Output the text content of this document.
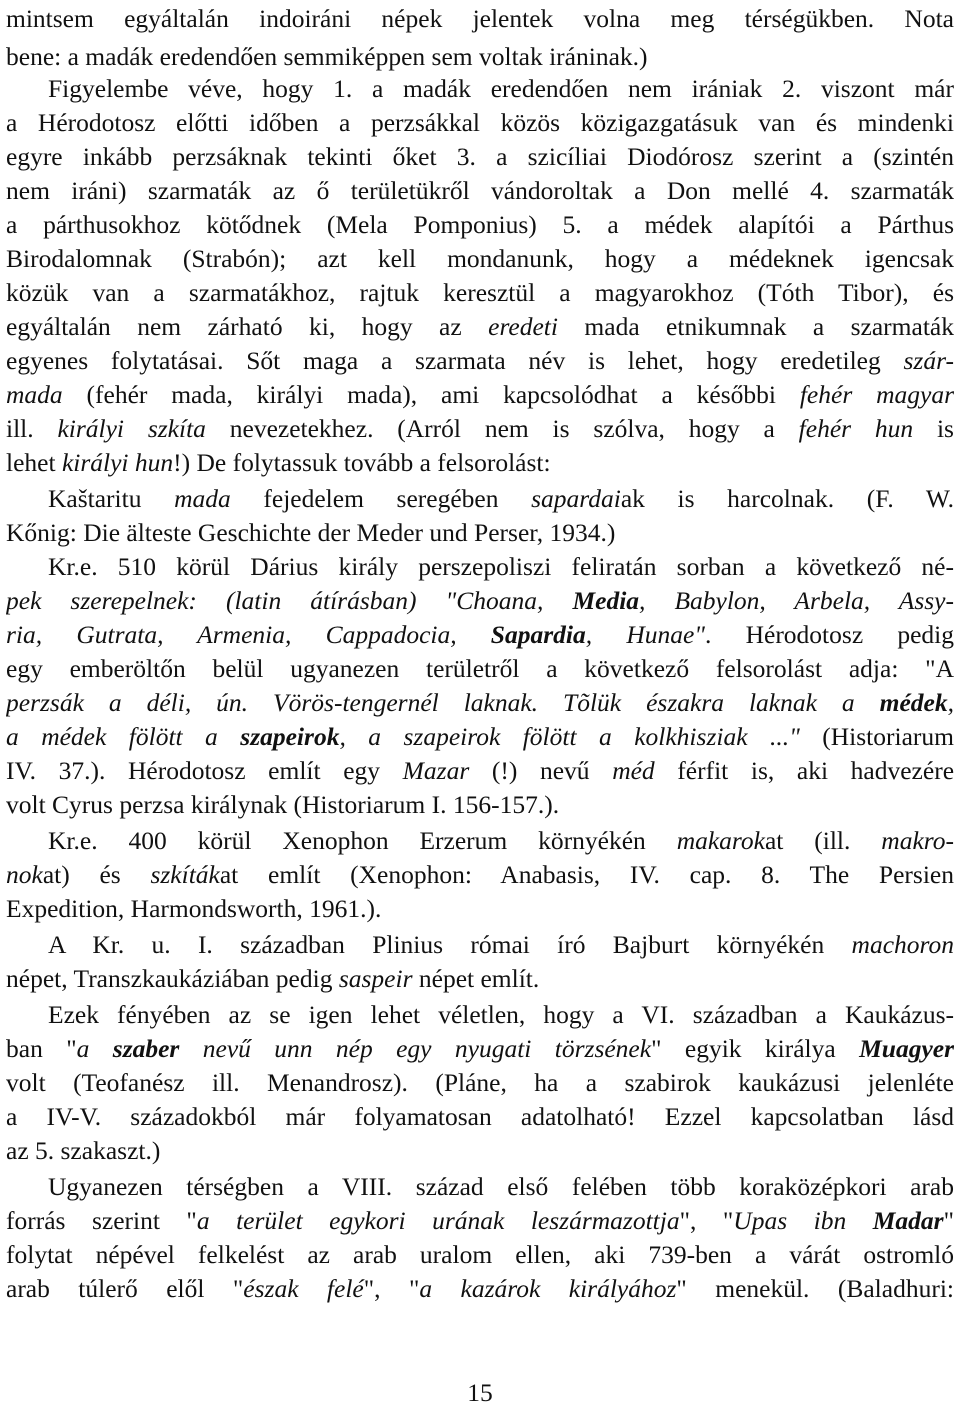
mintsem egyáltalán indoiráni népek jelentek volna meg térségükben. Nota
bene: a madák eredendően semmiképpen sem voltak iráninak.)
Figyelembe véve, hogy 1. a madák eredendően nem irániak 2. viszont már
a Hérodotosz előtti időben a perzsákkal közös közigazgatásuk van és mindenki
egyre inkább perzsáknak tekinti őket 3. a szicíliai Diodórosz szerint a (szintén
nem iráni) szarmaták az ő területükről vándoroltak a Don mellé 4. szarmaták
a párthusokhoz kötődnek (Mela Pomponius) 5. a médek alapítói a Párthus
Birodalomnak (Strabón); azt kell mondanunk, hogy a médeknek igencsak
közük van a szarmatákhoz, rajtuk keresztül a magyarokhoz (Tóth Tibor), és
egyáltalán nem zárható ki, hogy az eredeti mada etnikumnak a szarmaták
egyenes folytatásai. Sőt maga a szarmata név is lehet, hogy eredetileg szár-
mada (fehér mada, királyi mada), ami kapcsolódhat a későbbi fehér magyar
ill. királyi szkíta nevezetekhez. (Arról nem is szólva, hogy a fehér hun is
lehet királyi hun!) De folytassuk tovább a felsorolást:
Kaštaritu mada fejedelem seregében sapardaiak is harcolnak. (F. W.
Kőnig: Die älteste Geschichte der Meder und Perser, 1934.)
Kr.e. 510 körül Dárius király perszepoliszi feliratán sorban a következő né-
pek szerepelnek: (latin átírásban) "Choana, Media, Babylon, Arbela, Assy-
ria, Gutrata, Armenia, Cappadocia, Sapardia, Hunae". Hérodotosz pedig
egy emberöltőn belül ugyanezen területről a következő felsorolást adja: "A
perzsák a déli, ún. Vörös-tengernél laknak. Tõlük északra laknak a médek,
a médek fölött a szapeirok, a szapeirok fölött a kolkhisziak ..." (Historiarum
IV. 37.). Hérodotosz említ egy Mazar (!) nevű méd férfit is, aki hadvezére
volt Cyrus perzsa királynak (Historiarum I. 156-157.).
Kr.e. 400 körül Xenophon Erzerum környékén makarokat (ill. makro-
nokat) és szkítákat említ (Xenophon: Anabasis, IV. cap. 8. The Persien
Expedition, Harmondsworth, 1961.).
A Kr. u. I. században Plinius római író Bajburt környékén machoron
népet, Transzkaukáziában pedig saspeir népet említ.
Ezek fényében az se igen lehet véletlen, hogy a VI. században a Kaukázus-
ban "a szaber nevű unn nép egy nyugati törzsének" egyik királya Muagyer
volt (Teofanész ill. Menandrosz). (Pláne, ha a szabirok kaukázusi jelenléte
a IV-V. századokból már folyamatosan adatolható! Ezzel kapcsolatban lásd
az 5. szakaszt.)
Ugyanezen térségben a VIII. század első felében több koraközépkori arab
forrás szerint "a terület egykori urának leszármazottja", "Upas ibn Madar"
folytat népével felkelést az arab uralom ellen, aki 739-ben a várát ostromló
arab túlerő elől "észak felé", "a kazárok királyához" menekül. (Baladhuri:
15
